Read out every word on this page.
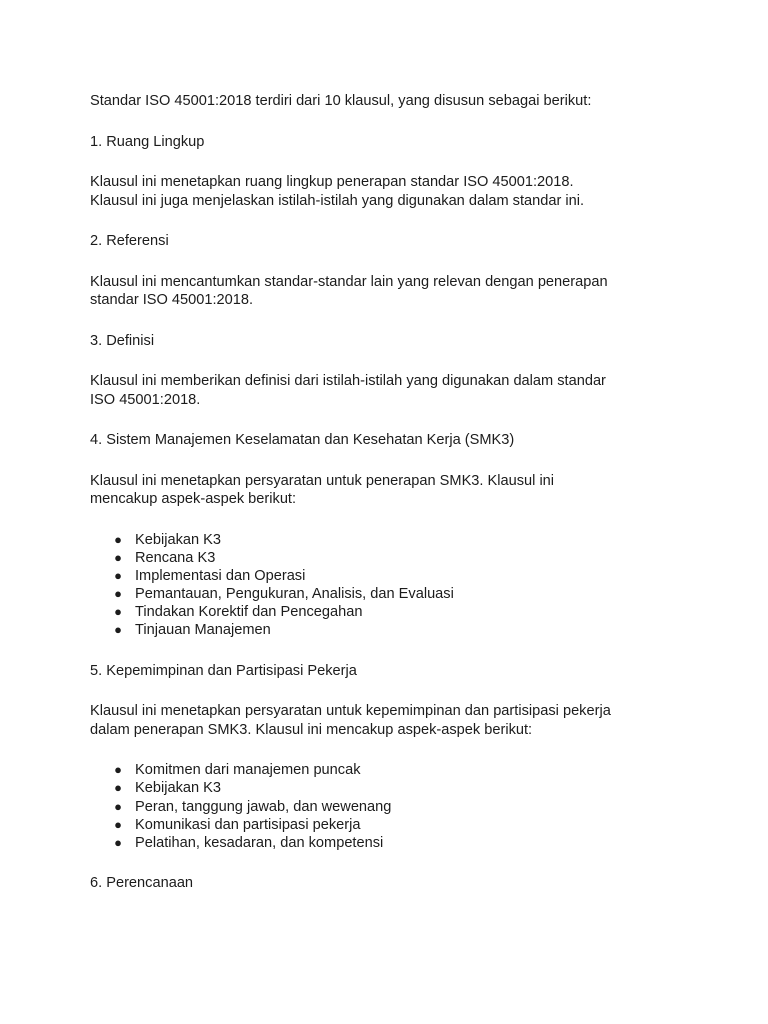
Standar ISO 45001:2018 terdiri dari 10 klausul, yang disusun sebagai berikut:

1. Ruang Lingkup

Klausul ini menetapkan ruang lingkup penerapan standar ISO 45001:2018.
Klausul ini juga menjelaskan istilah-istilah yang digunakan dalam standar ini.

2. Referensi

Klausul ini mencantumkan standar-standar lain yang relevan dengan penerapan
standar ISO 45001:2018.

3. Definisi

Klausul ini memberikan definisi dari istilah-istilah yang digunakan dalam standar
ISO 45001:2018.

4. Sistem Manajemen Keselamatan dan Kesehatan Kerja (SMK3)

Klausul ini menetapkan persyaratan untuk penerapan SMK3. Klausul ini
mencakup aspek-aspek berikut:

● Kebijakan K3
● Rencana K3
● Implementasi dan Operasi
● Pemantauan, Pengukuran, Analisis, dan Evaluasi
● Tindakan Korektif dan Pencegahan
● Tinjauan Manajemen

5. Kepemimpinan dan Partisipasi Pekerja

Klausul ini menetapkan persyaratan untuk kepemimpinan dan partisipasi pekerja
dalam penerapan SMK3. Klausul ini mencakup aspek-aspek berikut:

● Komitmen dari manajemen puncak
● Kebijakan K3
● Peran, tanggung jawab, dan wewenang
● Komunikasi dan partisipasi pekerja
● Pelatihan, kesadaran, dan kompetensi

6. Perencanaan
